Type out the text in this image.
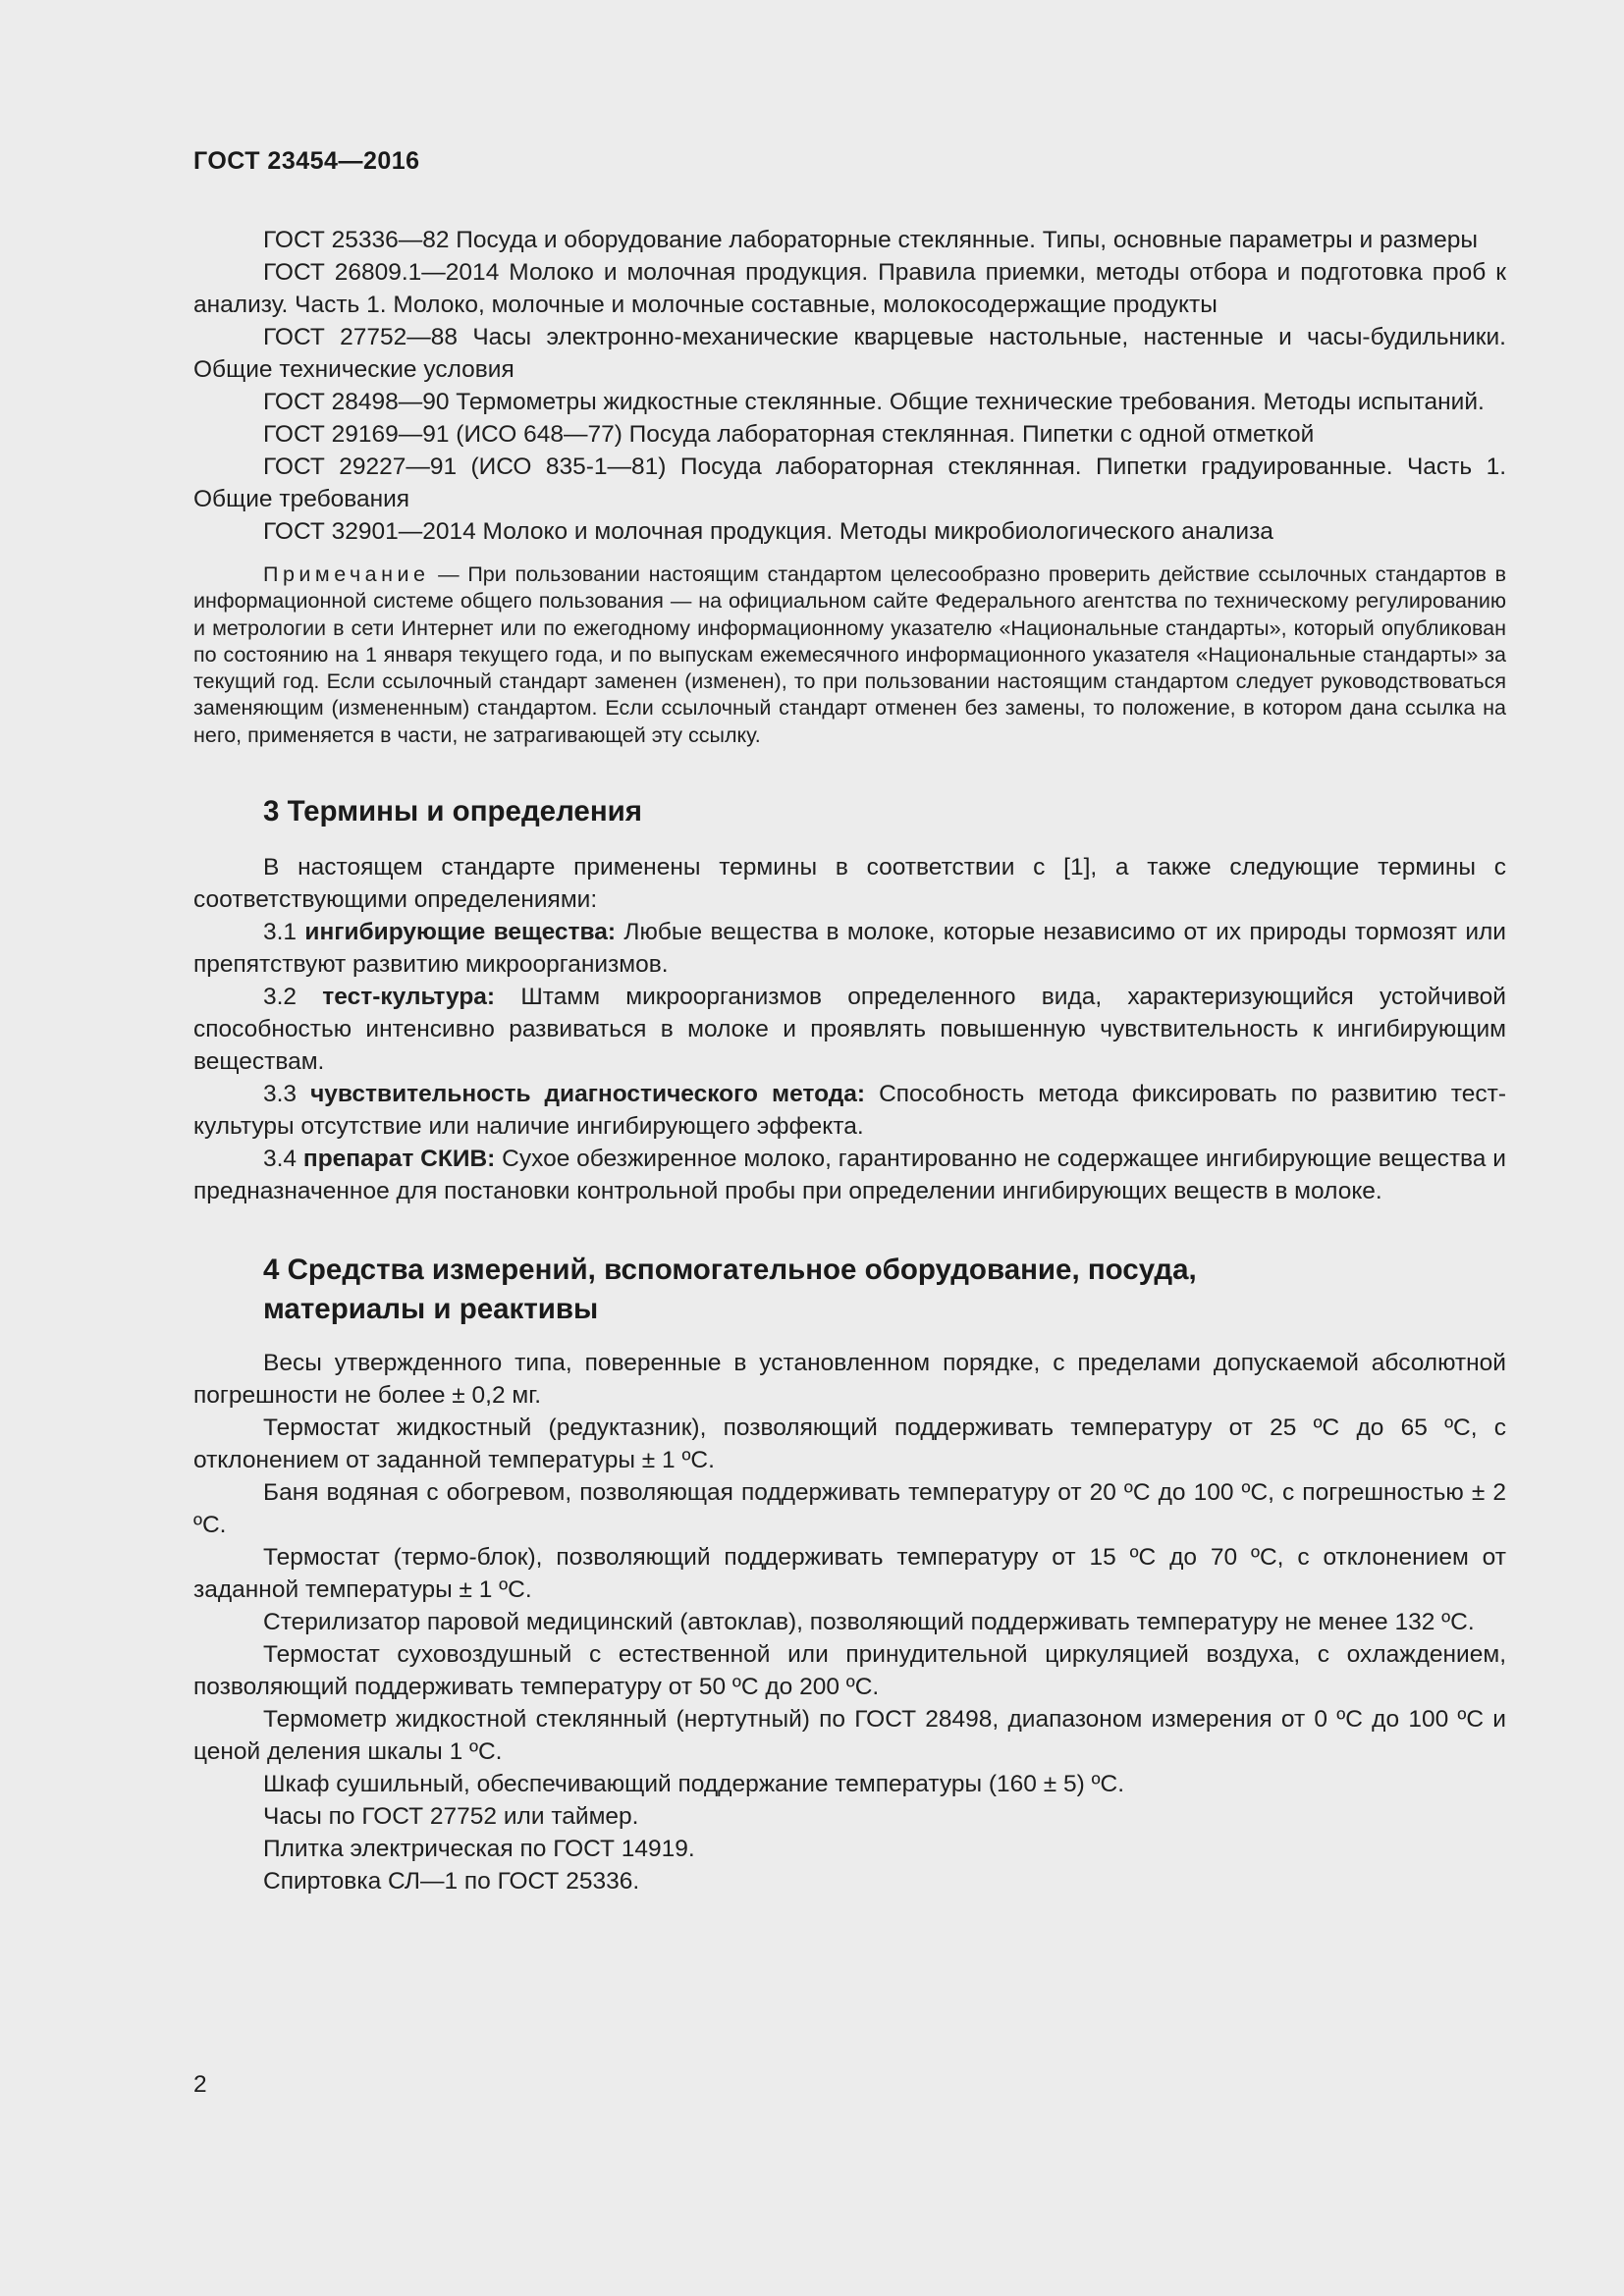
ГОСТ 23454—2016

ГОСТ 25336—82 Посуда и оборудование лабораторные стеклянные. Типы, основные параметры и размеры

ГОСТ 26809.1—2014 Молоко и молочная продукция. Правила приемки, методы отбора и подготовка проб к анализу. Часть 1. Молоко, молочные и молочные составные, молокосодержащие продукты

ГОСТ 27752—88 Часы электронно-механические кварцевые настольные, настенные и часы-будильники. Общие технические условия

ГОСТ 28498—90 Термометры жидкостные стеклянные. Общие технические требования. Методы испытаний.

ГОСТ 29169—91 (ИСО 648—77) Посуда лабораторная стеклянная. Пипетки с одной отметкой

ГОСТ 29227—91 (ИСО 835-1—81) Посуда лабораторная стеклянная. Пипетки градуированные. Часть 1. Общие требования

ГОСТ 32901—2014 Молоко и молочная продукция. Методы микробиологического анализа

Примечание — При пользовании настоящим стандартом целесообразно проверить действие ссылочных стандартов в информационной системе общего пользования — на официальном сайте Федерального агентства по техническому регулированию и метрологии в сети Интернет или по ежегодному информационному указателю «Национальные стандарты», который опубликован по состоянию на 1 января текущего года, и по выпускам ежемесячного информационного указателя «Национальные стандарты» за текущий год. Если ссылочный стандарт заменен (изменен), то при пользовании настоящим стандартом следует руководствоваться заменяющим (измененным) стандартом. Если ссылочный стандарт отменен без замены, то положение, в котором дана ссылка на него, применяется в части, не затрагивающей эту ссылку.

3 Термины и определения

В настоящем стандарте применены термины в соответствии с [1], а также следующие термины с соответствующими определениями:

3.1 ингибирующие вещества: Любые вещества в молоке, которые независимо от их природы тормозят или препятствуют развитию микроорганизмов.

3.2 тест-культура: Штамм микроорганизмов определенного вида, характеризующийся устойчивой способностью интенсивно развиваться в молоке и проявлять повышенную чувствительность к ингибирующим веществам.

3.3 чувствительность диагностического метода: Способность метода фиксировать по развитию тест-культуры отсутствие или наличие ингибирующего эффекта.

3.4 препарат СКИВ: Сухое обезжиренное молоко, гарантированно не содержащее ингибирующие вещества и предназначенное для постановки контрольной пробы при определении ингибирующих веществ в молоке.

4 Средства измерений, вспомогательное оборудование, посуда,
материалы и реактивы

Весы утвержденного типа, поверенные в установленном порядке, с пределами допускаемой абсолютной погрешности не более ± 0,2 мг.

Термостат жидкостный (редуктазник), позволяющий поддерживать температуру от 25 ºС до 65 ºС, с отклонением от заданной температуры ± 1 ºС.

Баня водяная с обогревом, позволяющая поддерживать температуру от 20 ºС до 100 ºС, с погрешностью ± 2 ºС.

Термостат (термо-блок), позволяющий поддерживать температуру от 15 ºС до 70 ºС, с отклонением от заданной температуры ± 1 ºС.

Стерилизатор паровой медицинский (автоклав), позволяющий поддерживать температуру не менее 132 ºС.

Термостат суховоздушный с естественной или принудительной циркуляцией воздуха, с охлаждением, позволяющий поддерживать температуру от 50 ºС до 200 ºС.

Термометр жидкостной стеклянный (нертутный) по ГОСТ 28498, диапазоном измерения от 0 ºС до 100 ºС и ценой деления шкалы 1 ºС.

Шкаф сушильный, обеспечивающий поддержание температуры (160 ± 5) ºС.

Часы по ГОСТ 27752 или таймер.

Плитка электрическая по ГОСТ 14919.

Спиртовка СЛ—1 по ГОСТ 25336.

2
